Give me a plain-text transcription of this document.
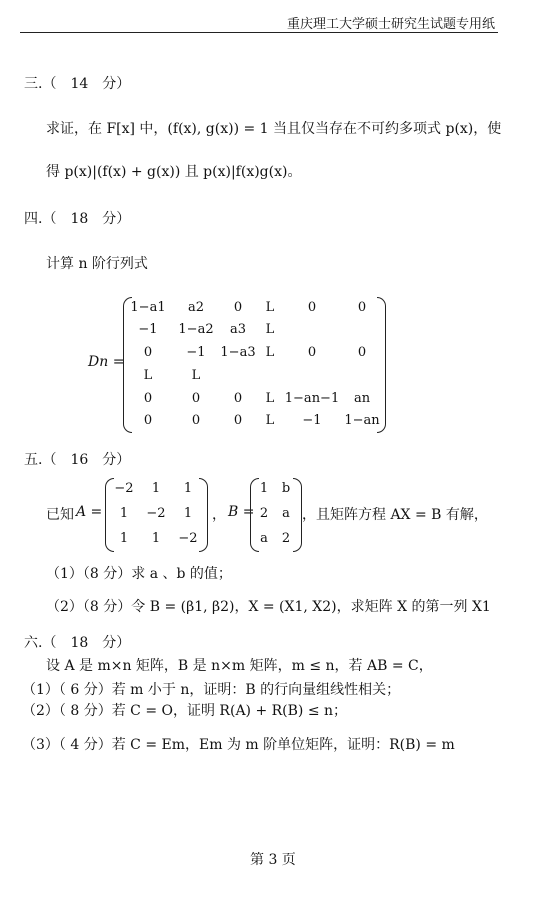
重庆理工大学硕士研究生试题专用纸
三.（　14　分）
求证，在 F[x] 中，(f(x), g(x)) = 1 当且仅当存在不可约多项式 p(x)，使
得 p(x)|(f(x) + g(x)) 且 p(x)|f(x)g(x)。
四.（　18　分）
计算 n 阶行列式
Dn =
1−a1 a2 0 L	0	0
−1 1−a2 a3 L
0	−1 1−a3 L	0	0
L	L
0	0	0 L 1−an−1 an
0	0	0 L −1 1−an
五.（　16　分）
已知 A =
−2 1 1
1 −2 1
1 1 −2
， B =
1 b
2 a
a 2
，且矩阵方程 AX = B 有解，
（1）（8 分）求 a 、b 的值；
（2）（8 分）令 B = (β1, β2)，X = (X1, X2)，求矩阵 X 的第一列 X1
六.（　18　分）
设 A 是 m×n 矩阵，B 是 n×m 矩阵，m ≤ n，若 AB = C，
（1）（ 6 分）若 m 小于 n，证明：B 的行向量组线性相关；
（2）（ 8 分）若 C = O，证明 R(A) + R(B) ≤ n；
（3）（ 4 分）若 C = Em，Em 为 m 阶单位矩阵，证明：R(B) = m
第 3 页
